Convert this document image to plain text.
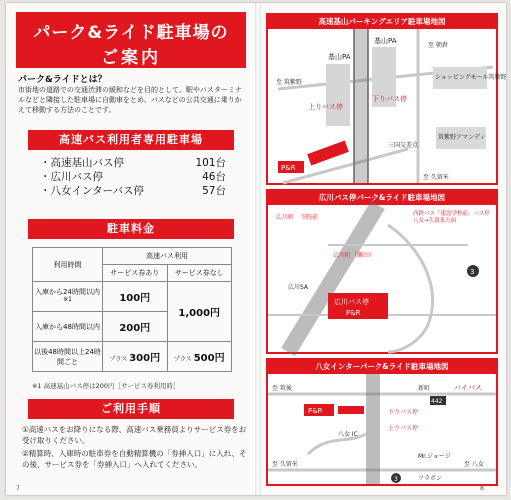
パーク&ライド駐車場の
ご案内
パーク&ライドとは？
市街地の道路での交通渋滞の緩和などを目的として、駅やバスターミナルなどと隣接した駐車場に自動車をとめ、バスなどの公共交通に乗りかえて移動する方法のことです。
高速バス利用者専用駐車場
・ 高速基山バス停	101台
・ 広川バス停	46台
・ 八女インターバス停	57台
駐車料金
利用時間	高速バス利用	
	サービス券あり	サービス券なし
入庫から24時間以内$^{※1}$	100円	1,000円
入庫から48時間以内	200円	
以後48時間以上24時間ごと	プラス 300円	プラス 500円
※1 高速基山バス停は200円［サービス券利用時］
ご利用手順
①高速バスをお降りになる際、高速バス乗務員よりサービス券をお受け取りください。
②精算時、入庫時の駐車券を自動精算機の「券挿入口」に入れ、その後、サービス券を「券挿入口」へ入れてください。
7
高速基山パーキングエリア駐車場地図
P&R
基山PA
基山PA
上りバス停
下りバス停
至 朝倉
至 久留米
至 筑紫野
三国交差点
筑紫野アマンディ
ショッピングモール筑紫野
広川バス停パーク&ライド駐車場地図
広川バス停
P&R
広川町　寺院前
広川町（瀬田）
広川SA
西鉄バス「建設学校前」バス停八女→久留米方面
3
八女インターパーク&ライド駐車場地図
P&R
至 筑後
至 久留米	至 八女
バイパス
下りバス停
上りバス停
八女 IC
Mr.ジョージ
フラボン
新町
442
3
8
